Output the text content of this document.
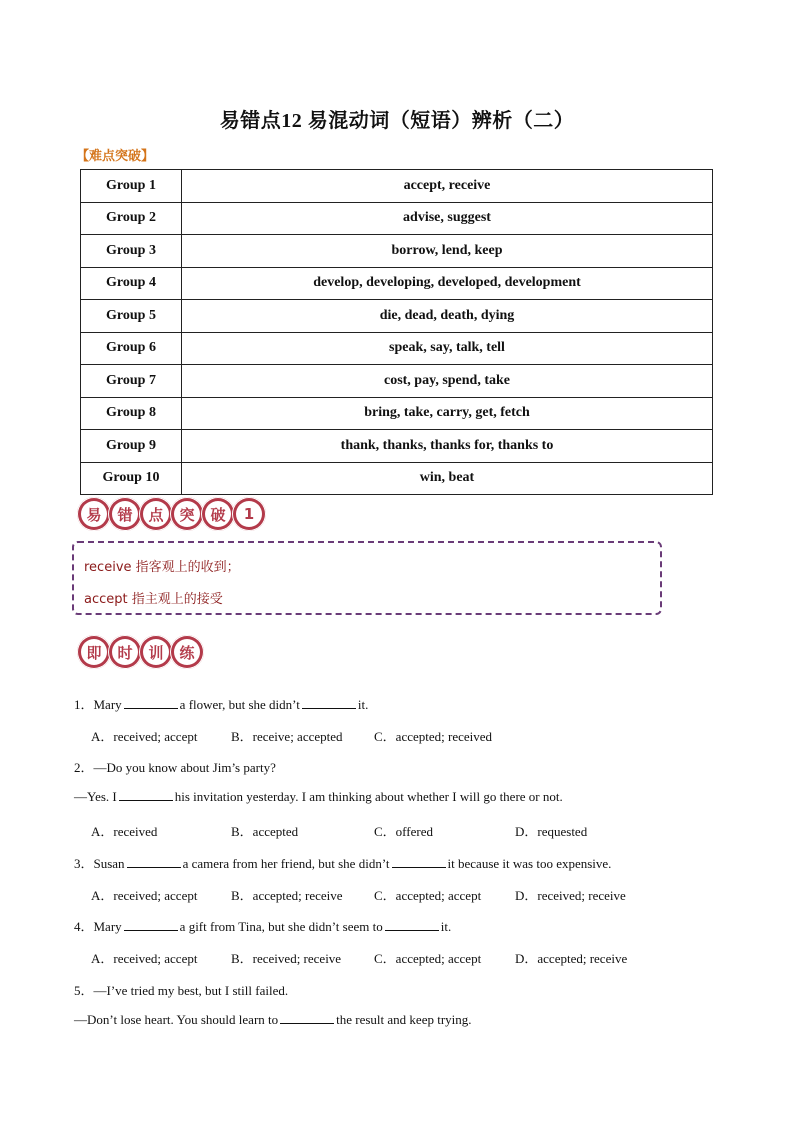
易错点12 易混动词（短语）辨析（二）
【难点突破】
Group 1	accept, receive
Group 2	advise, suggest
Group 3	borrow, lend, keep
Group 4	develop, developing, developed, development
Group 5	die, dead, death, dying
Group 6	speak, say, talk, tell
Group 7	cost, pay, spend, take
Group 8	bring, take, carry, get, fetch
Group 9	thank, thanks, thanks for, thanks to
Group 10	win, beat
易	错	点	突	破	1
receive 指客观上的收到；
accept 指主观上的接受
即	时	训	练
1．Mary	a flower, but she didn’t	it.
A．received; accept	B．receive; accepted C．accepted; received
2．—Do you know about Jim’s party?
—Yes. I	his invitation yesterday. I am thinking about whether I will go there or not.
A．received	B．accepted	C．offered	D．requested
3．Susan	a camera from her friend, but she didn’t	it because it was too expensive.
A．received; accept	B．accepted; receive C．accepted; accept	D．received; receive
4．Mary	a gift from Tina, but she didn’t seem to	it.
A．received; accept	B．received; receive	C．accepted; accept	D．accepted; receive
5．—I’ve tried my best, but I still failed.
—Don’t lose heart. You should learn to	the result and keep trying.
